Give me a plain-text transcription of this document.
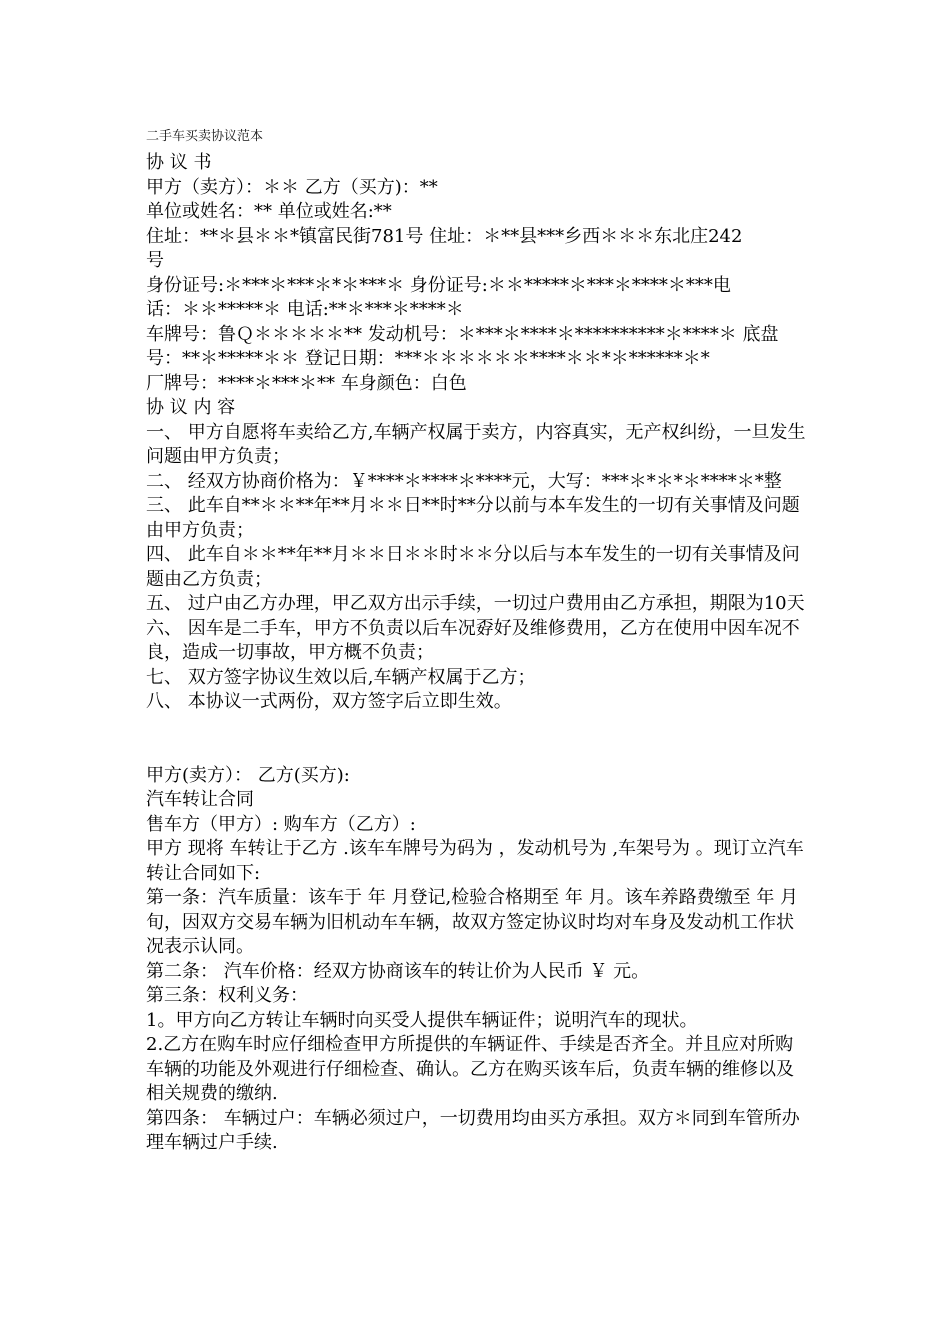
二手车买卖协议范本

协 议 书

甲方（卖方）：＊＊ 乙方（买方)：**

单位或姓名：** 单位或姓名:**

住址：**＊县＊＊*镇富民街781号 住址：＊**县***乡西＊＊＊东北庄242

号

身份证号:＊***＊***＊*＊***＊ 身份证号:＊＊*****＊***＊****＊***电

话：＊＊*****＊ 电话:**＊***＊****＊

车牌号：鲁Ｑ＊＊＊＊＊** 发动机号：＊***＊****＊**********＊****＊ 底盘

号：**＊*****＊＊ 登记日期：***＊＊＊＊＊＊****＊＊*＊******＊*

厂牌号：****＊***＊** 车身颜色：白色

协 议 内 容

一、 甲方自愿将车卖给乙方,车辆产权属于卖方，内容真实，无产权纠纷，一旦发生问题由甲方负责；

二、 经双方协商价格为：￥****＊****＊****元，大写：***＊*＊*＊****＊*整

三、 此车自**＊＊**年**月＊＊日**时**分以前与本车发生的一切有关事情及问题由甲方负责；

四、 此车自＊＊**年**月＊＊日＊＊时＊＊分以后与本车发生的一切有关事情及问题由乙方负责；

五、 过户由乙方办理，甲乙双方出示手续，一切过户费用由乙方承担，期限为10天

六、 因车是二手车，甲方不负责以后车况孬好及维修费用，乙方在使用中因车况不良，造成一切事故，甲方概不负责；

七、 双方签字协议生效以后,车辆产权属于乙方；

八、 本协议一式两份，双方签字后立即生效。

甲方(卖方）： 乙方(买方):

汽车转让合同

售车方（甲方）: 购车方（乙方）:

甲方 现将 车转让于乙方 .该车车牌号为码为 ，发动机号为 ,车架号为 。现订立汽车转让合同如下:

第一条：汽车质量：该车于 年 月登记,检验合格期至 年 月。该车养路费缴至 年 月 旬，因双方交易车辆为旧机动车车辆，故双方签定协议时均对车身及发动机工作状况表示认同。

第二条： 汽车价格：经双方协商该车的转让价为人民币 ￥ 元。

第三条：权利义务：

1。甲方向乙方转让车辆时向买受人提供车辆证件；说明汽车的现状。

2.乙方在购车时应仔细检查甲方所提供的车辆证件、手续是否齐全。并且应对所购车辆的功能及外观进行仔细检查、确认。乙方在购买该车后，负责车辆的维修以及相关规费的缴纳.

第四条： 车辆过户：车辆必须过户，一切费用均由买方承担。双方＊同到车管所办理车辆过户手续.
